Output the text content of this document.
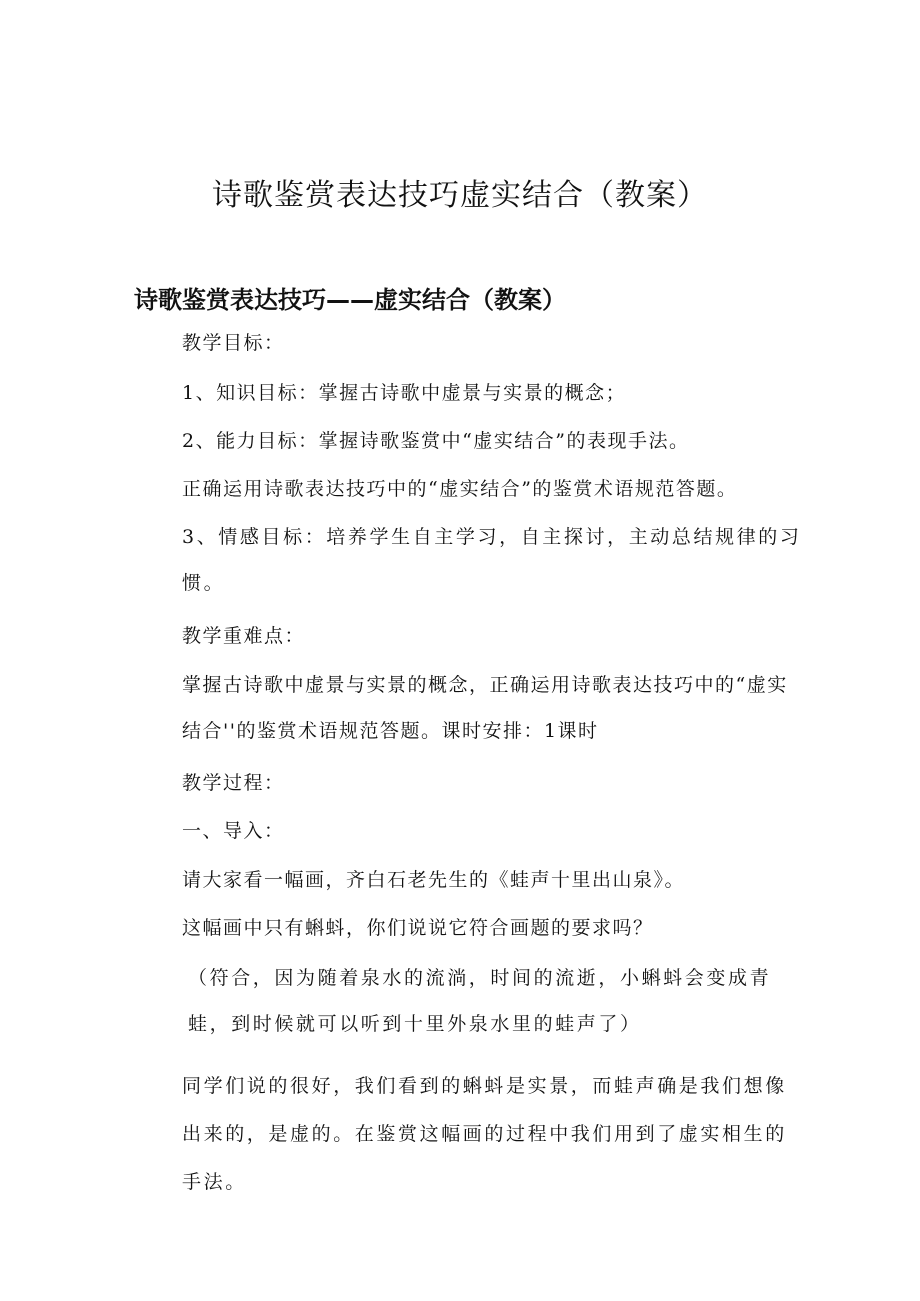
诗歌鉴赏表达技巧虚实结合（教案）
诗歌鉴赏表达技巧——虚实结合（教案）
教学目标：
1、知识目标：掌握古诗歌中虚景与实景的概念；
2、能力目标：掌握诗歌鉴赏中“虚实结合”的表现手法。
正确运用诗歌表达技巧中的“虚实结合”的鉴赏术语规范答题。
3、情感目标：培养学生自主学习，自主探讨，主动总结规律的习惯。
教学重难点：
掌握古诗歌中虚景与实景的概念，正确运用诗歌表达技巧中的“虚实结合''的鉴赏术语规范答题。课时安排：1课时
教学过程：
一、导入：
请大家看一幅画，齐白石老先生的《蛙声十里出山泉》。
这幅画中只有蝌蚪，你们说说它符合画题的要求吗？
（符合，因为随着泉水的流淌，时间的流逝，小蝌蚪会变成青蛙，到时候就可以听到十里外泉水里的蛙声了）
同学们说的很好，我们看到的蝌蚪是实景，而蛙声确是我们想像出来的，是虚的。在鉴赏这幅画的过程中我们用到了虚实相生的手法。
